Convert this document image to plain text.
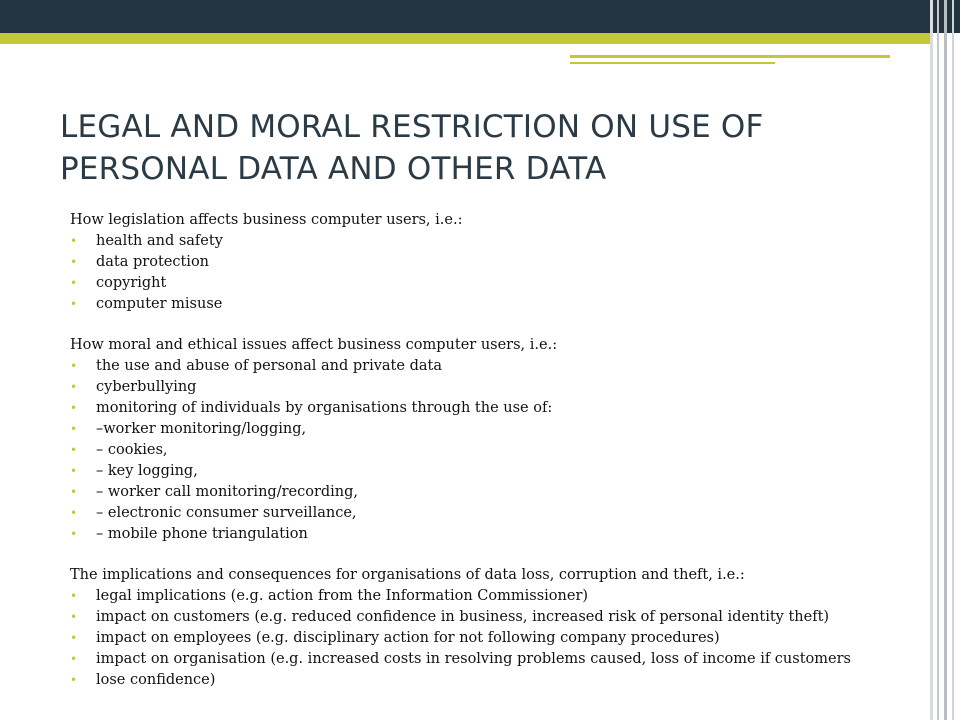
LEGAL AND MORAL RESTRICTION ON USE OF PERSONAL DATA AND OTHER DATA

How legislation affects business computer users, i.e.:

• health and safety
• data protection
• copyright
• computer misuse

How moral and ethical issues affect business computer users, i.e.:

• the use and abuse of personal and private data
• cyberbullying
• monitoring of individuals by organisations through the use of:
• –worker monitoring/logging,
• – cookies,
• – key logging,
• – worker call monitoring/recording,
• – electronic consumer surveillance,
• – mobile phone triangulation

The implications and consequences for organisations of data loss, corruption and theft, i.e.:

• legal implications (e.g. action from the Information Commissioner)
• impact on customers (e.g. reduced confidence in business, increased risk of personal identity theft)
• impact on employees (e.g. disciplinary action for not following company procedures)
• impact on organisation (e.g. increased costs in resolving problems caused, loss of income if customers
• lose confidence)
